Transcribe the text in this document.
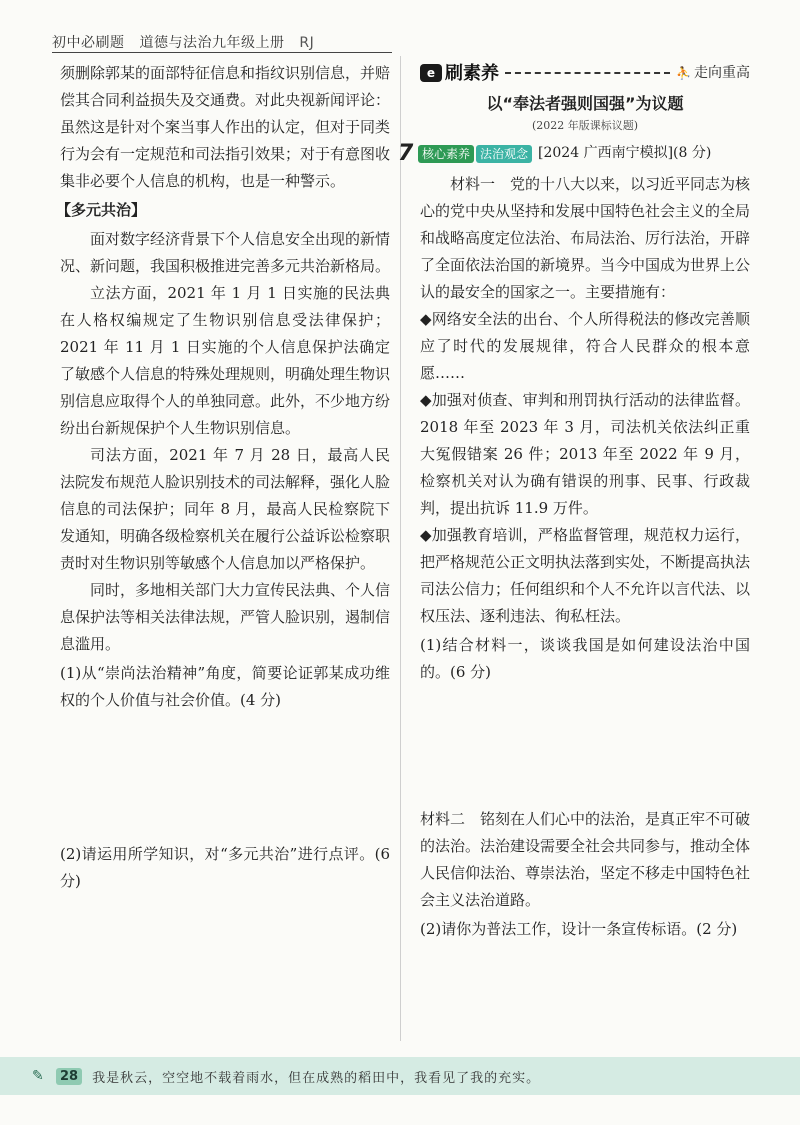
初中必刷题 道德与法治九年级上册 RJ

须删除郭某的面部特征信息和指纹识别信息，并赔偿其合同利益损失及交通费。对此央视新闻评论：虽然这是针对个案当事人作出的认定，但对于同类行为会有一定规范和司法指引效果；对于有意图收集非必要个人信息的机构，也是一种警示。

【多元共治】

面对数字经济背景下个人信息安全出现的新情况、新问题，我国积极推进完善多元共治新格局。

立法方面，2021 年 1 月 1 日实施的民法典在人格权编规定了生物识别信息受法律保护；2021 年 11 月 1 日实施的个人信息保护法确定了敏感个人信息的特殊处理规则，明确处理生物识别信息应取得个人的单独同意。此外，不少地方纷纷出台新规保护个人生物识别信息。

司法方面，2021 年 7 月 28 日，最高人民法院发布规范人脸识别技术的司法解释，强化人脸信息的司法保护；同年 8 月，最高人民检察院下发通知，明确各级检察机关在履行公益诉讼检察职责时对生物识别等敏感个人信息加以严格保护。

同时，多地相关部门大力宣传民法典、个人信息保护法等相关法律法规，严管人脸识别，遏制信息滥用。

(1)从“崇尚法治精神”角度，简要论证郭某成功维权的个人价值与社会价值。(4 分)

(2)请运用所学知识，对“多元共治”进行点评。(6 分)

e 刷素养	⛹ 走向重高
以“奉法者强则国强”为议题
(2022 年版课标议题)
7 核心素养 法治观念 [2024 广西南宁模拟](8 分)

材料一　党的十八大以来，以习近平同志为核心的党中央从坚持和发展中国特色社会主义的全局和战略高度定位法治、布局法治、厉行法治，开辟了全面依法治国的新境界。当今中国成为世界上公认的最安全的国家之一。主要措施有：

◆网络安全法的出台、个人所得税法的修改完善顺应了时代的发展规律，符合人民群众的根本意愿……

◆加强对侦查、审判和刑罚执行活动的法律监督。2018 年至 2023 年 3 月，司法机关依法纠正重大冤假错案 26 件；2013 年至 2022 年 9 月，检察机关对认为确有错误的刑事、民事、行政裁判，提出抗诉 11.9 万件。

◆加强教育培训，严格监督管理，规范权力运行，把严格规范公正文明执法落到实处，不断提高执法司法公信力；任何组织和个人不允许以言代法、以权压法、逐利违法、徇私枉法。

(1)结合材料一，谈谈我国是如何建设法治中国的。(6 分)

材料二　铭刻在人们心中的法治，是真正牢不可破的法治。法治建设需要全社会共同参与，推动全体人民信仰法治、尊崇法治，坚定不移走中国特色社会主义法治道路。

(2)请你为普法工作，设计一条宣传标语。(2 分)

✎	28	我是秋云，空空地不载着雨水，但在成熟的稻田中，我看见了我的充实。
